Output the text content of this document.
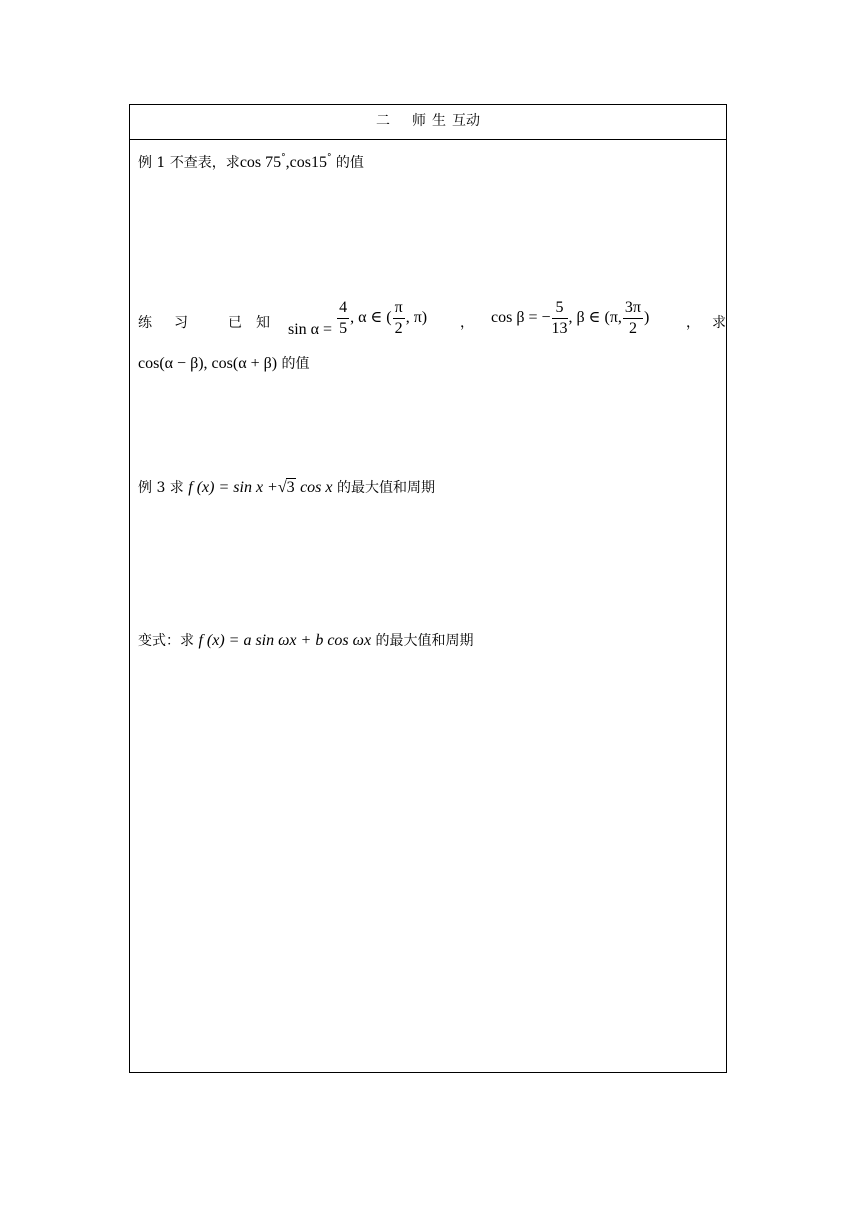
二 师 生 互动
例 1 不查表，求cos 75°,cos15° 的值
练习 已知 $\sin \alpha = \frac{4}{5}$ , α ∈ ( $\frac{\pi}{2}$ , π) ， cos β = − $\frac{5}{13}$ , β ∈ (π, $\frac{3\pi}{2}$ )	， 求
cos(α − β), cos(α + β) 的值
例 3 求 f (x) = sin x +√3 cos x 的最大值和周期
变式：求 f (x) = a sin ωx + b cos ωx 的最大值和周期
